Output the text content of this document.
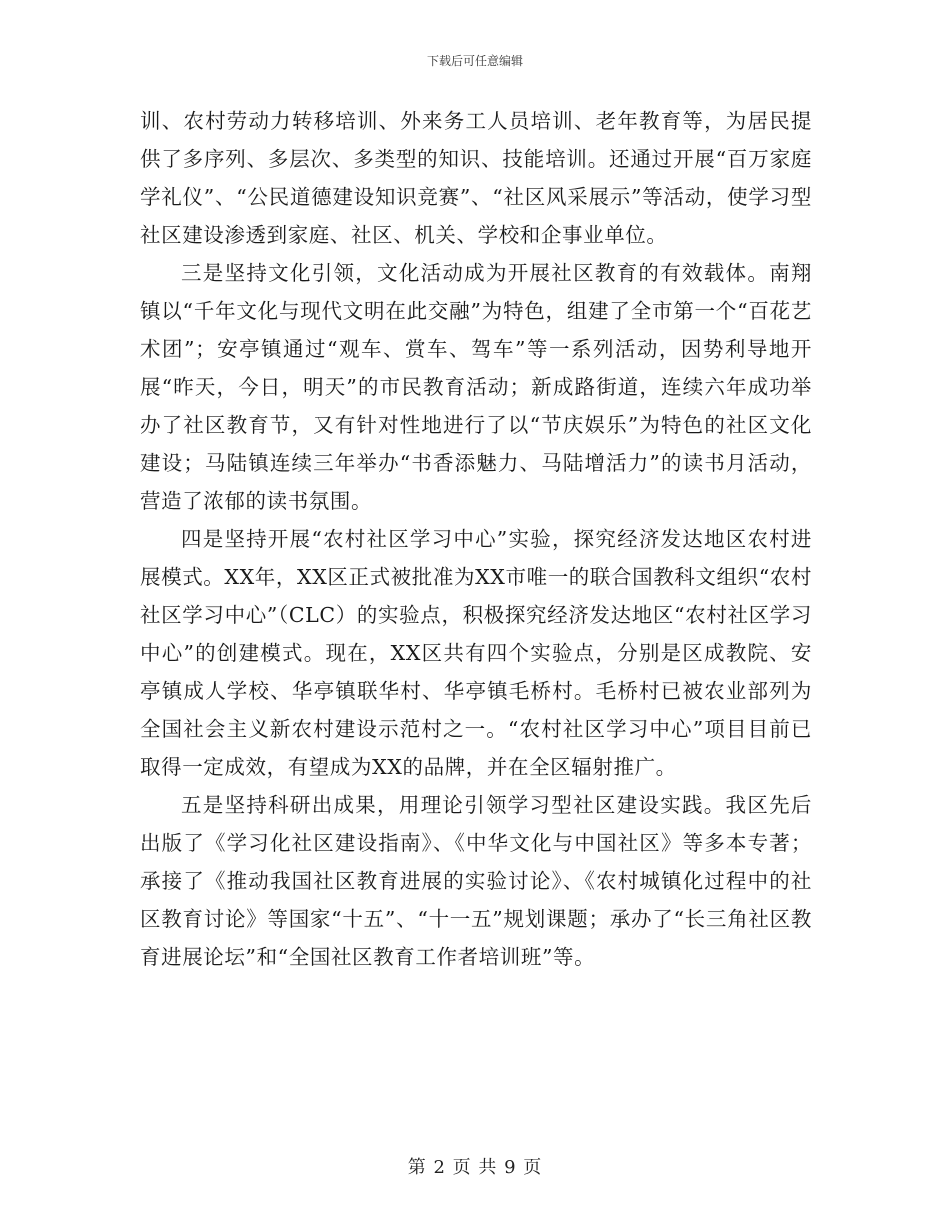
下载后可任意编辑

训、农村劳动力转移培训、外来务工人员培训、老年教育等，为居民提供了多序列、多层次、多类型的知识、技能培训。还通过开展“百万家庭学礼仪”、“公民道德建设知识竞赛”、“社区风采展示”等活动，使学习型社区建设渗透到家庭、社区、机关、学校和企事业单位。

三是坚持文化引领，文化活动成为开展社区教育的有效载体。南翔镇以“千年文化与现代文明在此交融”为特色，组建了全市第一个“百花艺术团”；安亭镇通过“观车、赏车、驾车”等一系列活动，因势利导地开展“昨天，今日，明天”的市民教育活动；新成路街道，连续六年成功举办了社区教育节，又有针对性地进行了以“节庆娱乐”为特色的社区文化建设；马陆镇连续三年举办“书香添魅力、马陆增活力”的读书月活动，营造了浓郁的读书氛围。

四是坚持开展“农村社区学习中心”实验，探究经济发达地区农村进展模式。XX年，XX区正式被批准为XX市唯一的联合国教科文组织“农村社区学习中心”（CLC）的实验点，积极探究经济发达地区“农村社区学习中心”的创建模式。现在，XX区共有四个实验点，分别是区成教院、安亭镇成人学校、华亭镇联华村、华亭镇毛桥村。毛桥村已被农业部列为全国社会主义新农村建设示范村之一。“农村社区学习中心”项目目前已取得一定成效，有望成为XX的品牌，并在全区辐射推广。

五是坚持科研出成果，用理论引领学习型社区建设实践。我区先后出版了《学习化社区建设指南》、《中华文化与中国社区》等多本专著；承接了《推动我国社区教育进展的实验讨论》、《农村城镇化过程中的社区教育讨论》等国家“十五”、“十一五”规划课题；承办了“长三角社区教育进展论坛”和“全国社区教育工作者培训班”等。

第 2 页 共 9 页
